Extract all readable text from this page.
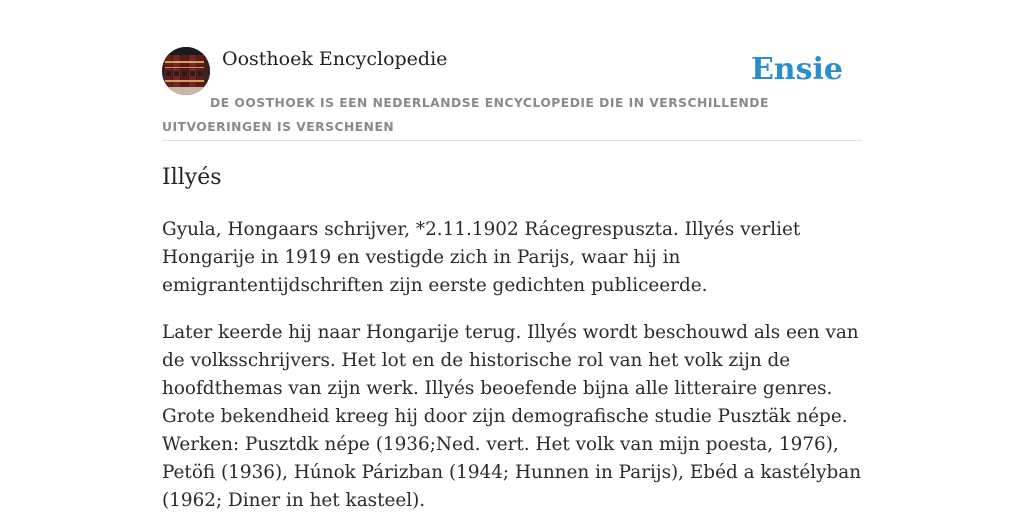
Oosthoek Encyclopedie	Ensie
DE OOSTHOEK IS EEN NEDERLANDSE ENCYCLOPEDIE DIE IN VERSCHILLENDE UITVOERINGEN IS VERSCHENEN
Illyés

Gyula, Hongaars schrijver, *2.11.1902 Rácegrespuszta. Illyés verliet Hongarije in 1919 en vestigde zich in Parijs, waar hij in emigrantentijdschriften zijn eerste gedichten publiceerde.

Later keerde hij naar Hongarije terug. Illyés wordt beschouwd als een van de volksschrijvers. Het lot en de historische rol van het volk zijn de hoofdthemas van zijn werk. Illyés beoefende bijna alle litteraire genres. Grote bekendheid kreeg hij door zijn demografische studie Pusztäk népe. Werken: Pusztdk népe (1936;Ned. vert. Het volk van mijn poesta, 1976), Petöfi (1936), Húnok Párizban (1944; Hunnen in Parijs), Ebéd a kastélyban (1962; Diner in het kasteel).
